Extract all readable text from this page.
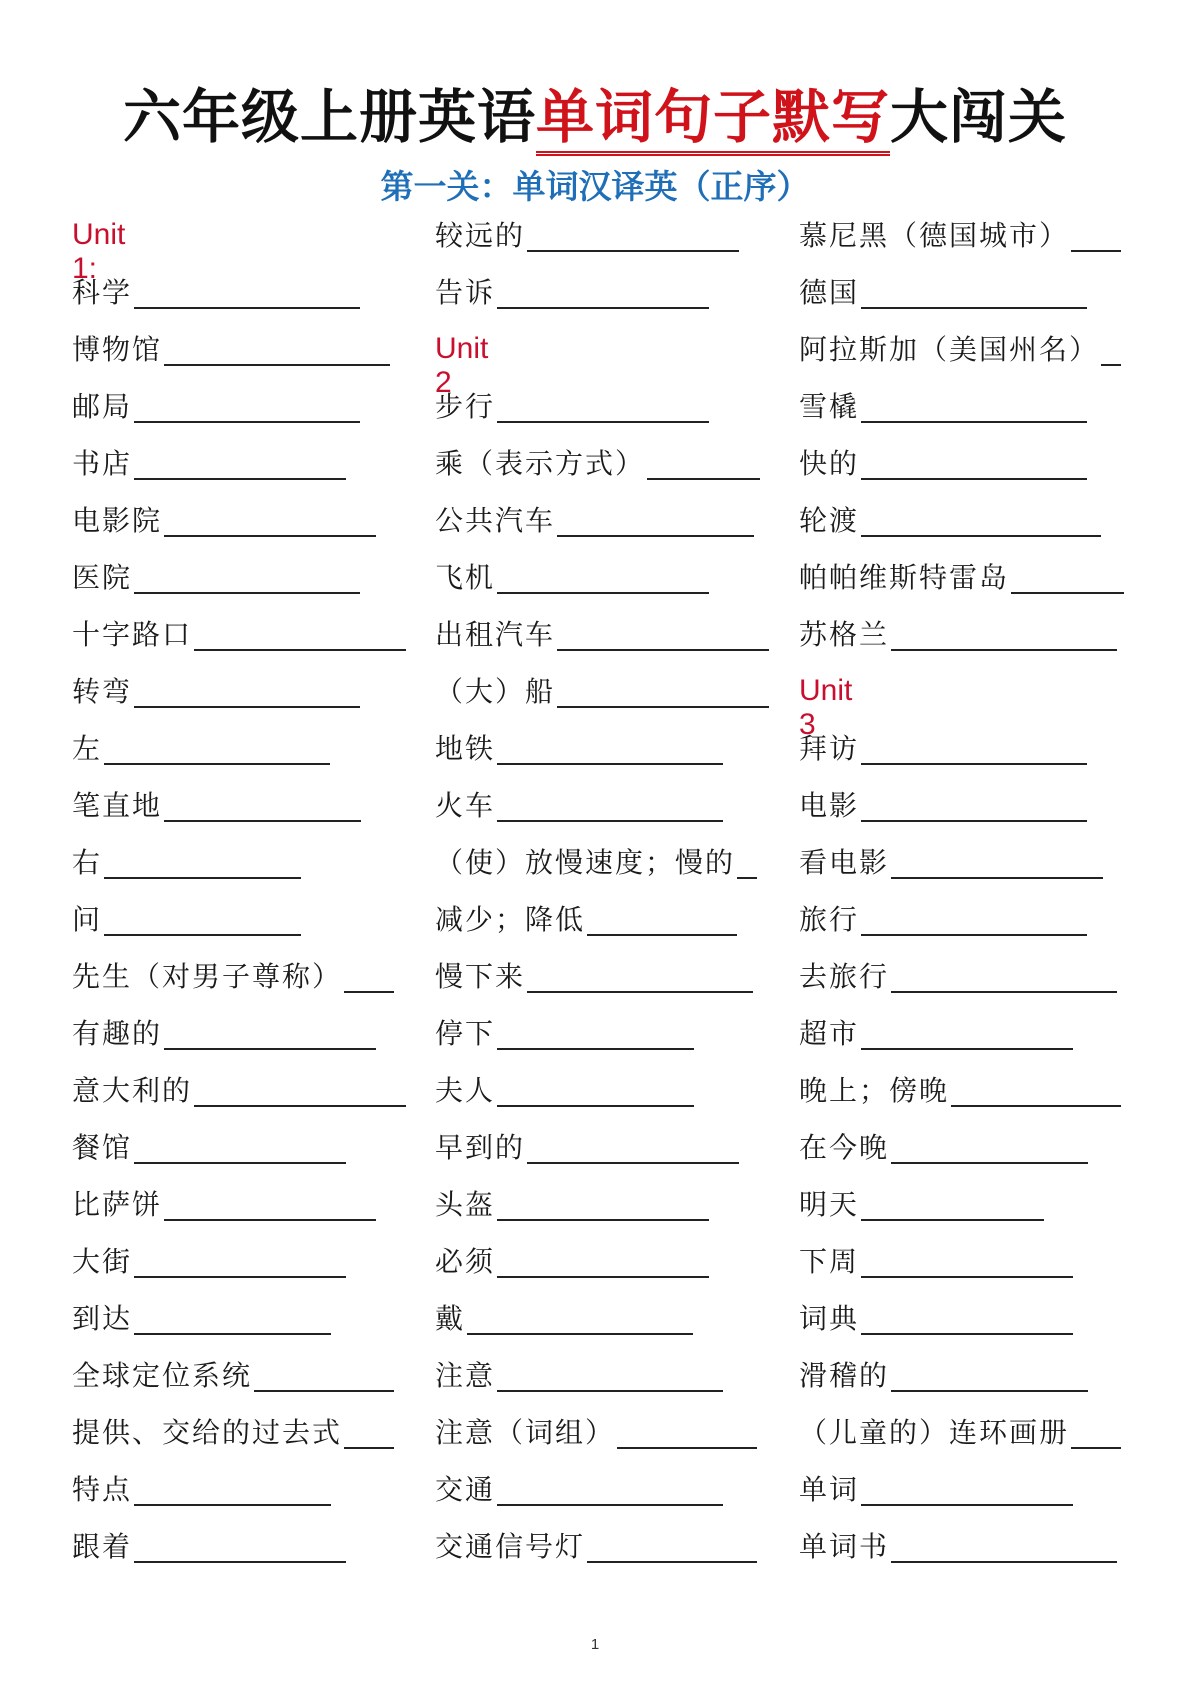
六年级上册英语单词句子默写大闯关
第一关：单词汉译英（正序）
Unit 1:
科学
博物馆
邮局
书店
电影院
医院
十字路口
转弯
左
笔直地
右
问
先生（对男子尊称）
有趣的
意大利的
餐馆
比萨饼
大街
到达
全球定位系统
提供、交给的过去式
特点
跟着
较远的
告诉
Unit 2
步行
乘（表示方式）
公共汽车
飞机
出租汽车
（大）船
地铁
火车
（使）放慢速度；慢的
减少；降低
慢下来
停下
夫人
早到的
头盔
必须
戴
注意
注意（词组）
交通
交通信号灯
慕尼黑（德国城市）
德国
阿拉斯加（美国州名）
雪橇
快的
轮渡
帕帕维斯特雷岛
苏格兰
Unit 3
拜访
电影
看电影
旅行
去旅行
超市
晚上；傍晚
在今晚
明天
下周
词典
滑稽的
（儿童的）连环画册
单词
单词书
1
